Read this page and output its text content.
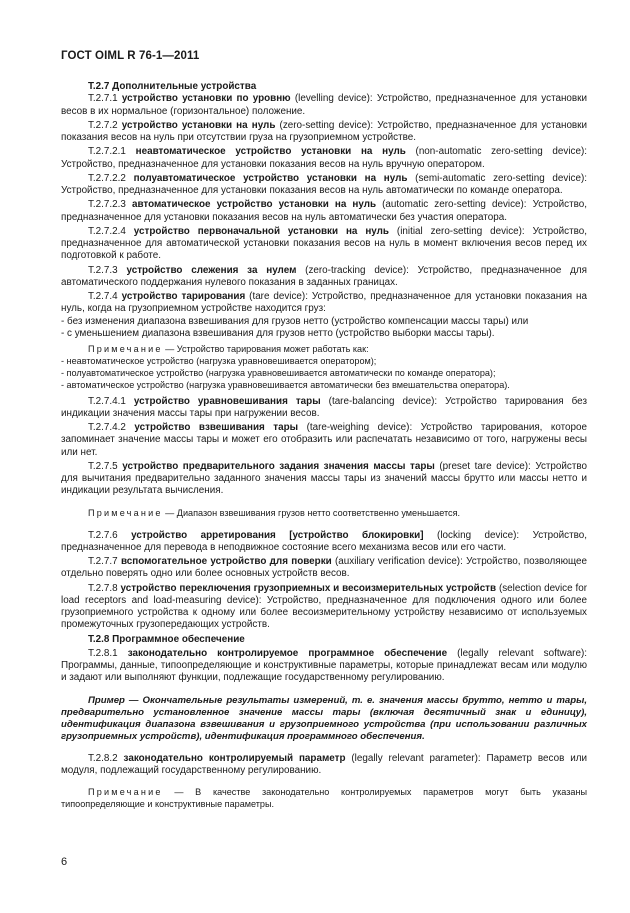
ГОСТ OIML R 76-1—2011

T.2.7 Дополнительные устройства

T.2.7.1 устройство установки по уровню (levelling device): Устройство, предназначенное для установки весов в их нормальное (горизонтальное) положение.

T.2.7.2 устройство установки на нуль (zero-setting device): Устройство, предназначенное для установки показания весов на нуль при отсутствии груза на грузоприемном устройстве.

T.2.7.2.1 неавтоматическое устройство установки на нуль (non-automatic zero-setting device): Устройство, предназначенное для установки показания весов на нуль вручную оператором.

T.2.7.2.2 полуавтоматическое устройство установки на нуль (semi-automatic zero-setting device): Устройство, предназначенное для установки показания весов на нуль автоматически по команде оператора.

T.2.7.2.3 автоматическое устройство установки на нуль (automatic zero-setting device): Устройство, предназначенное для установки показания весов на нуль автоматически без участия оператора.

T.2.7.2.4 устройство первоначальной установки на нуль (initial zero-setting device): Устройство, предназначенное для автоматической установки показания весов на нуль в момент включения весов перед их подготовкой к работе.

T.2.7.3 устройство слежения за нулем (zero-tracking device): Устройство, предназначенное для автоматического поддержания нулевого показания в заданных границах.

T.2.7.4 устройство тарирования (tare device): Устройство, предназначенное для установки показания на нуль, когда на грузоприемном устройстве находится груз:

- без изменения диапазона взвешивания для грузов нетто (устройство компенсации массы тары) или

- с уменьшением диапазона взвешивания для грузов нетто (устройство выборки массы тары).

Примечание — Устройство тарирования может работать как:

- неавтоматическое устройство (нагрузка уравновешивается оператором);

- полуавтоматическое устройство (нагрузка уравновешивается автоматически по команде оператора);

- автоматическое устройство (нагрузка уравновешивается автоматически без вмешательства оператора).

T.2.7.4.1 устройство уравновешивания тары (tare-balancing device): Устройство тарирования без индикации значения массы тары при нагружении весов.

T.2.7.4.2 устройство взвешивания тары (tare-weighing device): Устройство тарирования, которое запоминает значение массы тары и может его отобразить или распечатать независимо от того, нагружены весы или нет.

T.2.7.5 устройство предварительного задания значения массы тары (preset tare device): Устройство для вычитания предварительно заданного значения массы тары из значений массы брутто или массы нетто и индикации результата вычисления.

Примечание — Диапазон взвешивания грузов нетто соответственно уменьшается.

T.2.7.6 устройство арретирования [устройство блокировки] (locking device): Устройство, предназначенное для перевода в неподвижное состояние всего механизма весов или его части.

T.2.7.7 вспомогательное устройство для поверки (auxiliary verification device): Устройство, позволяющее отдельно поверять одно или более основных устройств весов.

T.2.7.8 устройство переключения грузоприемных и весоизмерительных устройств (selection device for load receptors and load-measuring device): Устройство, предназначенное для подключения одного или более грузоприемного устройства к одному или более весоизмерительному устройству независимо от используемых промежуточных грузопередающих устройств.

T.2.8 Программное обеспечение

T.2.8.1 законодательно контролируемое программное обеспечение (legally relevant software): Программы, данные, типоопределяющие и конструктивные параметры, которые принадлежат весам или модулю и задают или выполняют функции, подлежащие государственному регулированию.

Пример — Окончательные результаты измерений, т. е. значения массы брутто, нетто и тары, предварительно установленное значение массы тары (включая десятичный знак и единицу), идентификация диапазона взвешивания и грузоприемного устройства (при использовании различных грузоприемных устройств), идентификация программного обеспечения.

T.2.8.2 законодательно контролируемый параметр (legally relevant parameter): Параметр весов или модуля, подлежащий государственному регулированию.

Примечание — В качестве законодательно контролируемых параметров могут быть указаны типоопределяющие и конструктивные параметры.

6
